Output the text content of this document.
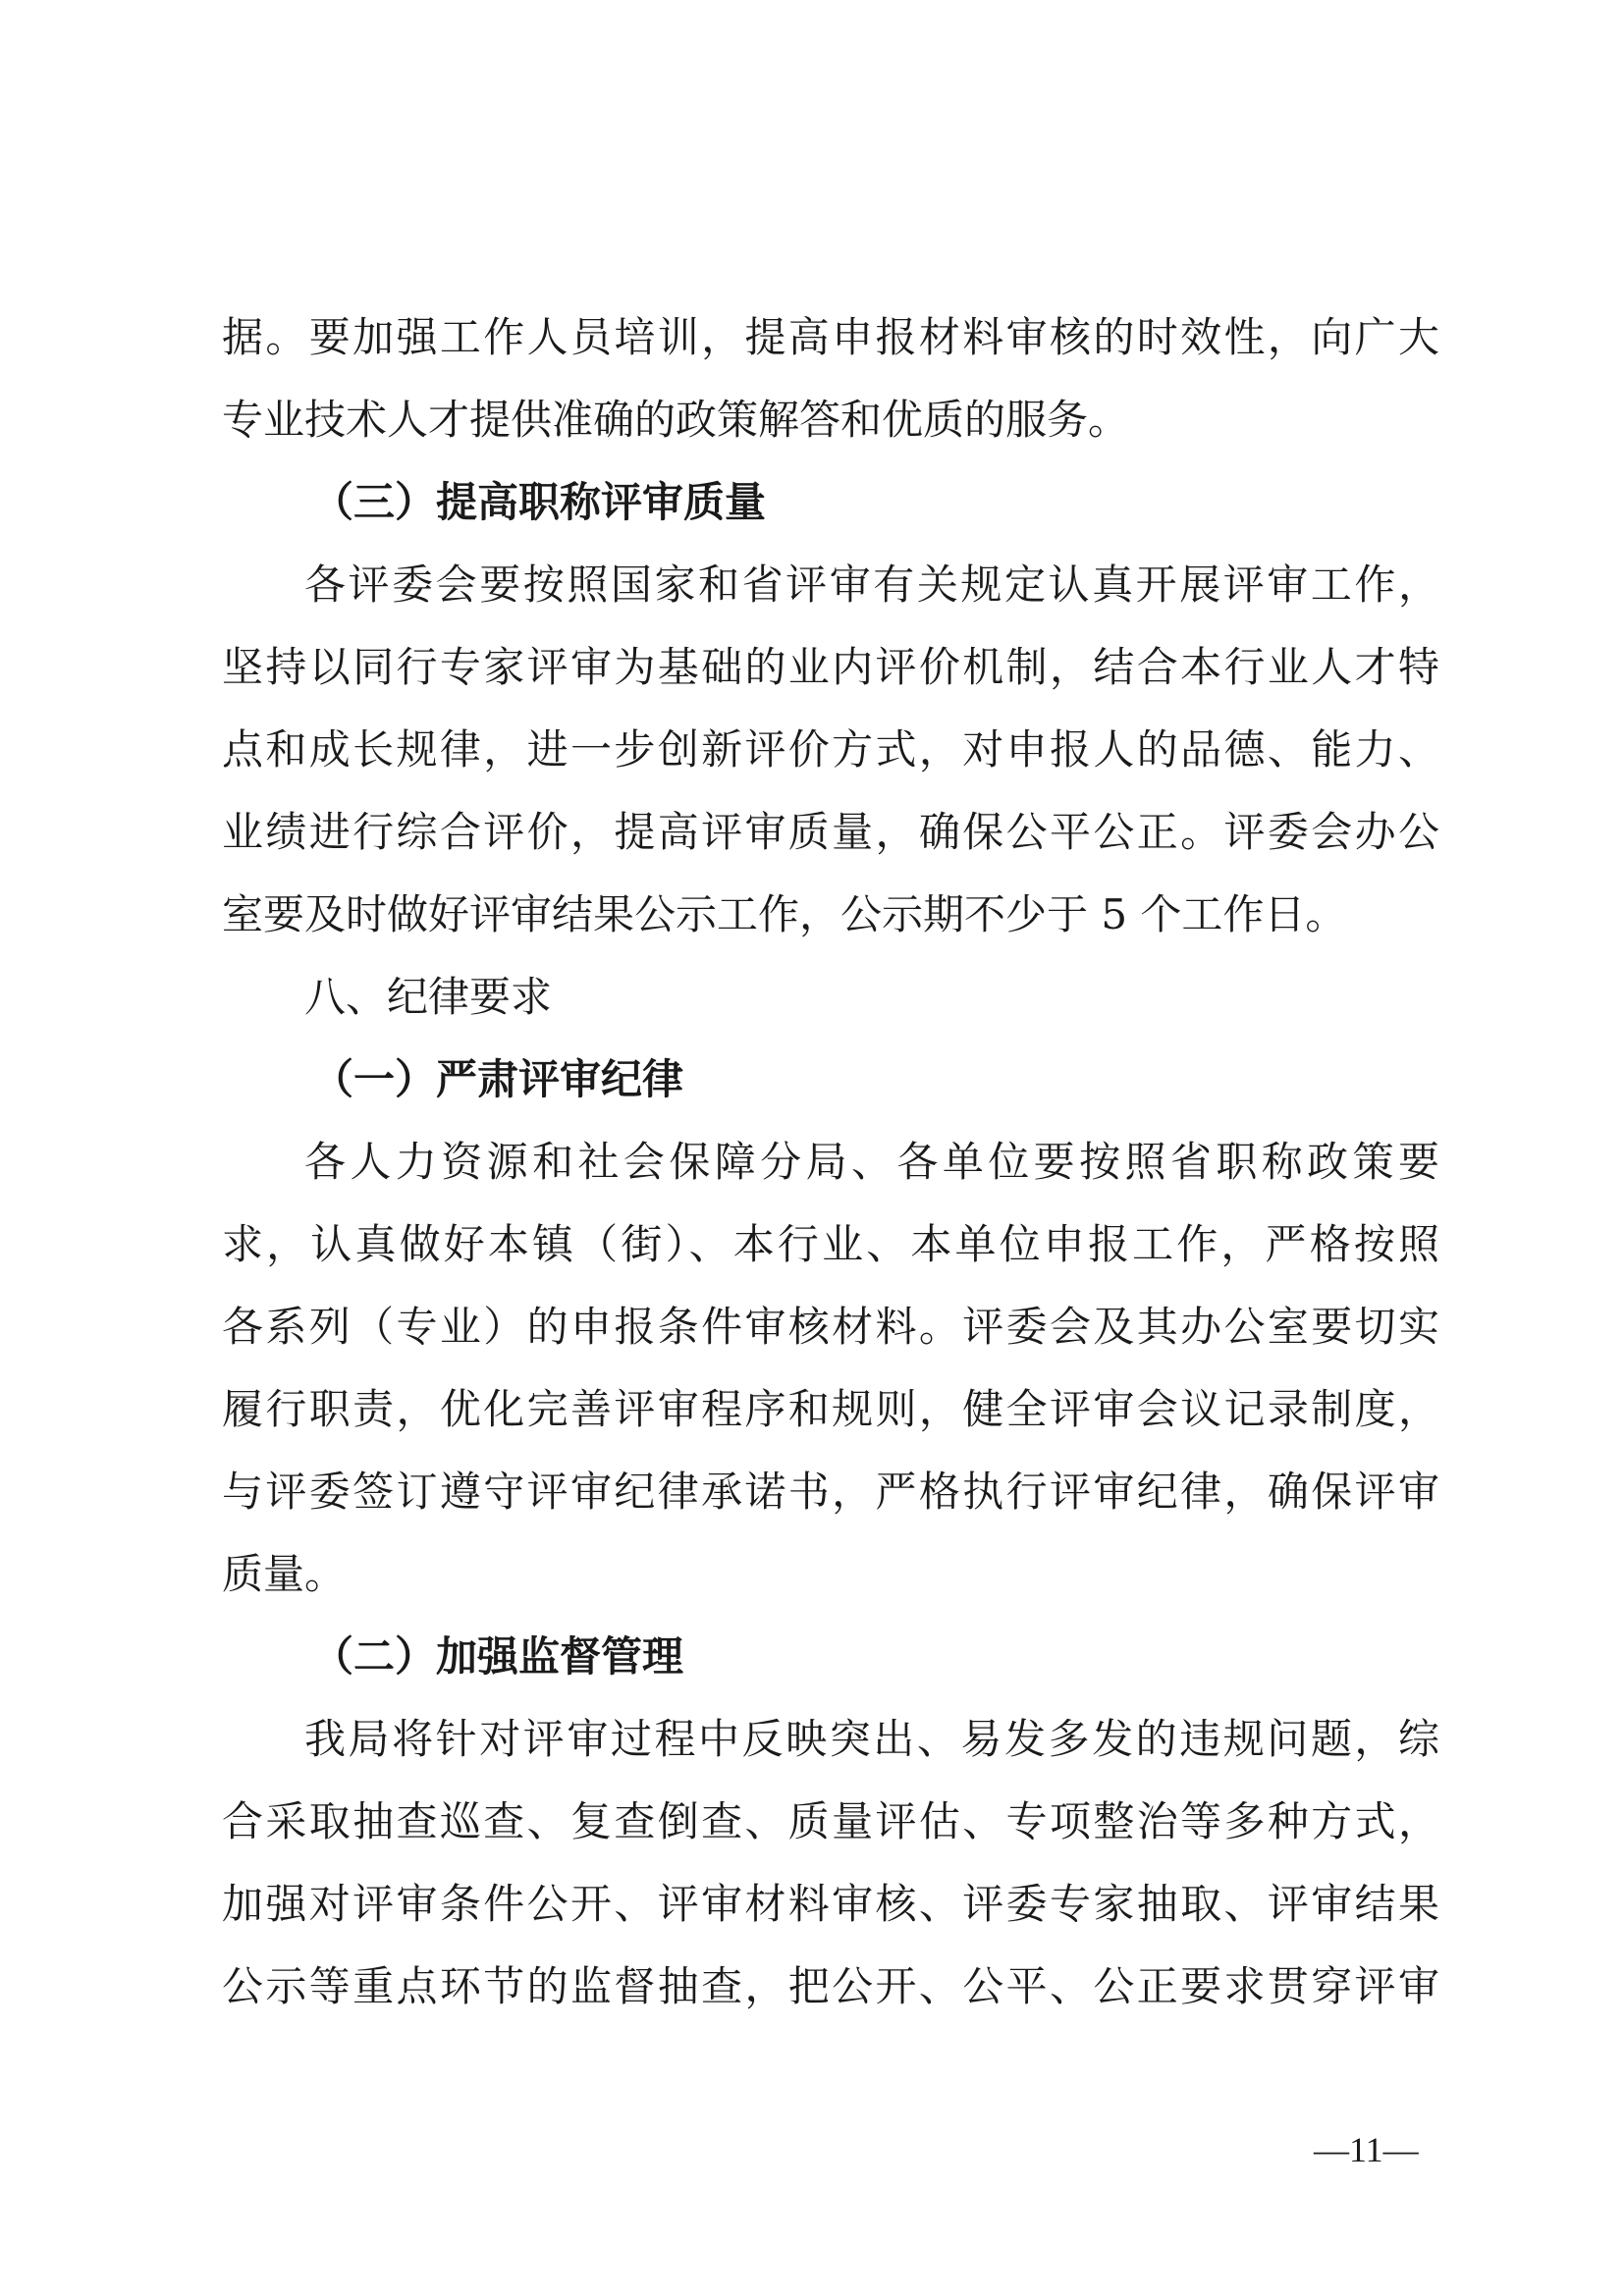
据。要加强工作人员培训，提高申报材料审核的时效性，向广大
专业技术人才提供准确的政策解答和优质的服务。
（三）提高职称评审质量
各评委会要按照国家和省评审有关规定认真开展评审工作，
坚持以同行专家评审为基础的业内评价机制，结合本行业人才特
点和成长规律，进一步创新评价方式，对申报人的品德、能力、
业绩进行综合评价，提高评审质量，确保公平公正。评委会办公
室要及时做好评审结果公示工作，公示期不少于 5 个工作日。
八、纪律要求
（一）严肃评审纪律
各人力资源和社会保障分局、各单位要按照省职称政策要
求，认真做好本镇（街）、本行业、本单位申报工作，严格按照
各系列（专业）的申报条件审核材料。评委会及其办公室要切实
履行职责，优化完善评审程序和规则，健全评审会议记录制度，
与评委签订遵守评审纪律承诺书，严格执行评审纪律，确保评审
质量。
（二）加强监督管理
我局将针对评审过程中反映突出、易发多发的违规问题，综
合采取抽查巡查、复查倒查、质量评估、专项整治等多种方式，
加强对评审条件公开、评审材料审核、评委专家抽取、评审结果
公示等重点环节的监督抽查，把公开、公平、公正要求贯穿评审
—11—
